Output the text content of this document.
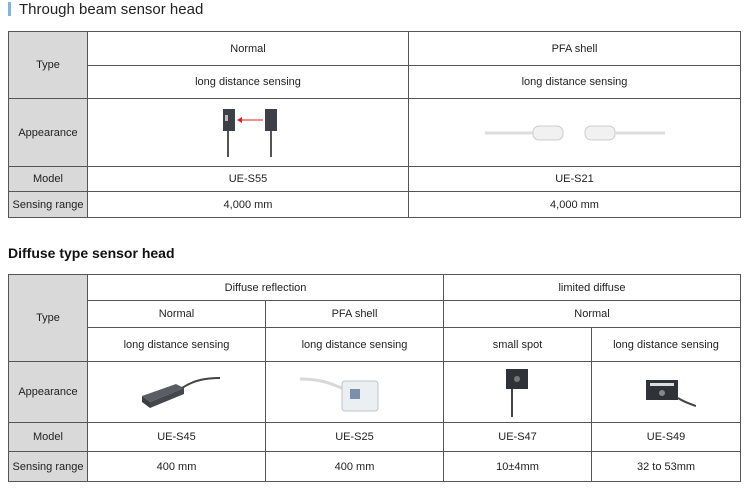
Through beam sensor head
Type	Normal	PFA shell
	long distance sensing	long distance sensing
Appearance	

Model	UE-S55	UE-S21
Sensing range	4,000 mm	4,000 mm
Diffuse type sensor head
Type	Diffuse reflection		limited diffuse	
	Normal	PFA shell	Normal	
	long distance sensing	long distance sensing	small spot	long distance sensing
Appearance	

Model	UE-S45	UE-S25	UE-S47	UE-S49
Sensing range	400 mm	400 mm	10±4mm	32 to 53mm
